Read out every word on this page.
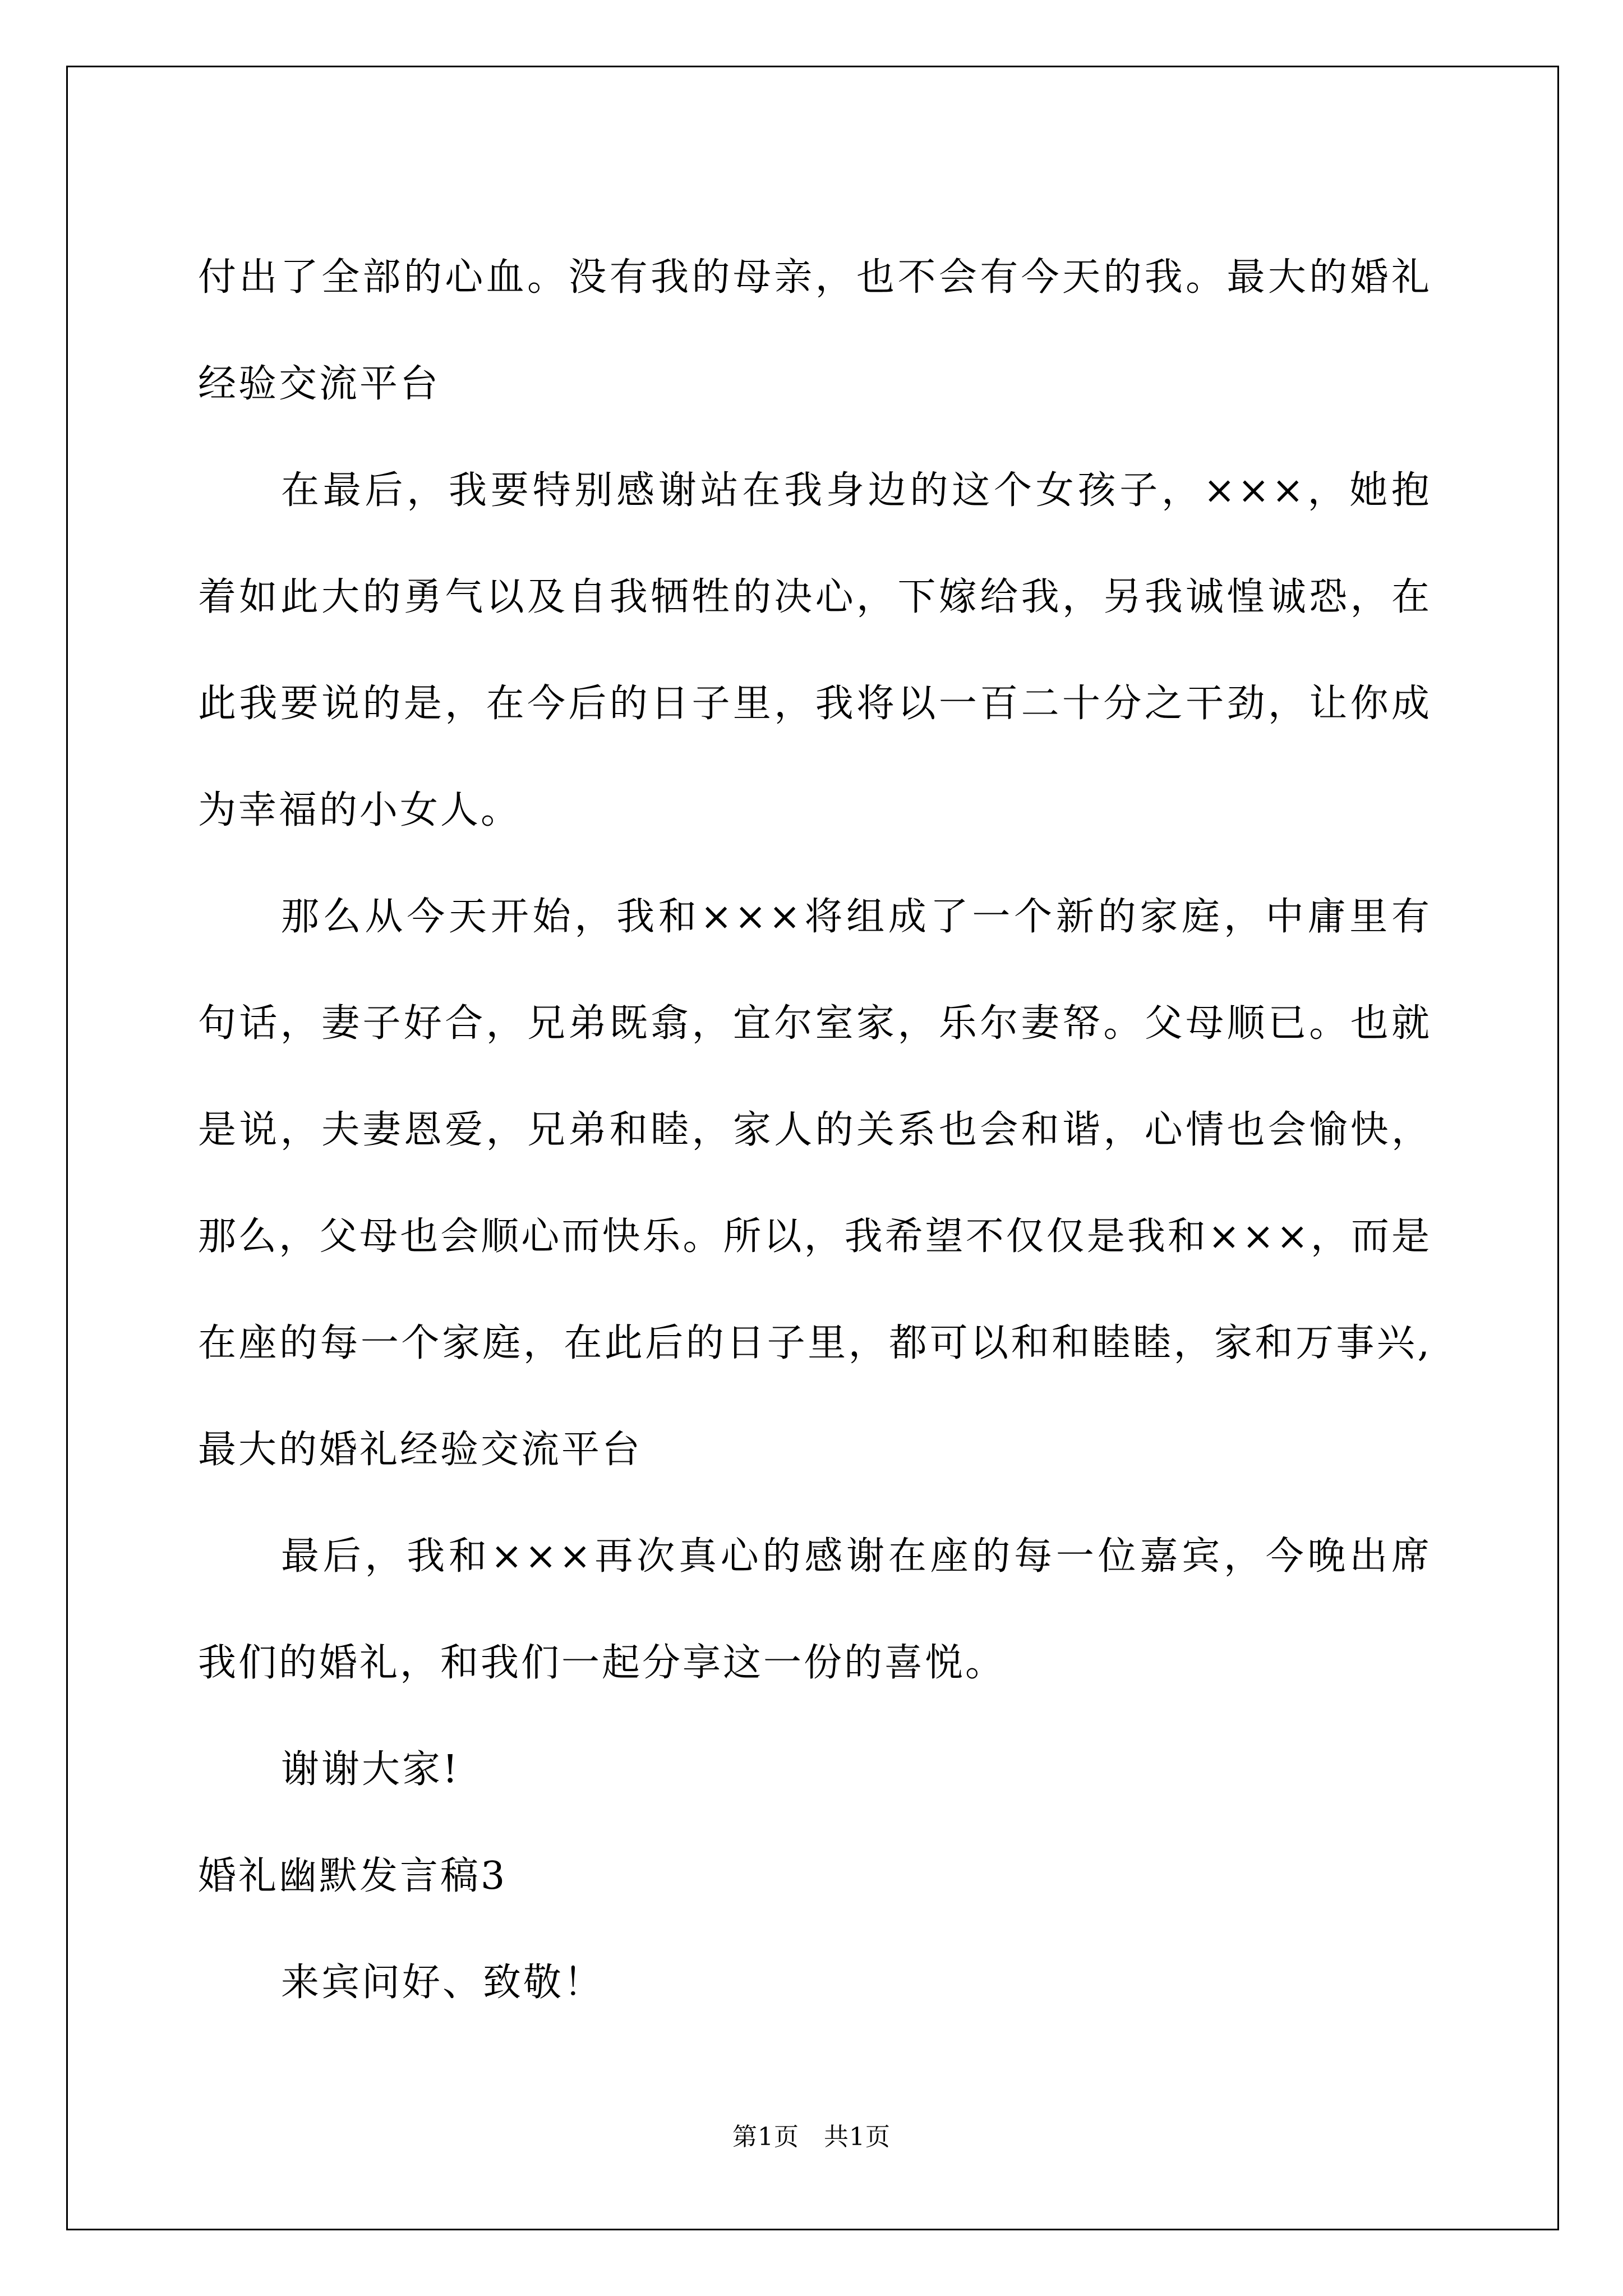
付出了全部的心血。没有我的母亲，也不会有今天的我。最大的婚礼经验交流平台

在最后，我要特别感谢站在我身边的这个女孩子，×××，她抱着如此大的勇气以及自我牺牲的决心，下嫁给我，另我诚惶诚恐，在此我要说的是，在今后的日子里，我将以一百二十分之干劲，让你成为幸福的小女人。

那么从今天开始，我和×××将组成了一个新的家庭，中庸里有句话，妻子好合，兄弟既翕，宜尔室家，乐尔妻帑。父母顺已。也就是说，夫妻恩爱，兄弟和睦，家人的关系也会和谐，心情也会愉快，那么，父母也会顺心而快乐。所以，我希望不仅仅是我和×××，而是在座的每一个家庭，在此后的日子里，都可以和和睦睦，家和万事兴,最大的婚礼经验交流平台

最后，我和×××再次真心的感谢在座的每一位嘉宾，今晚出席我们的婚礼，和我们一起分享这一份的喜悦。

谢谢大家!

婚礼幽默发言稿3

来宾问好、致敬！

第1页 共1页
